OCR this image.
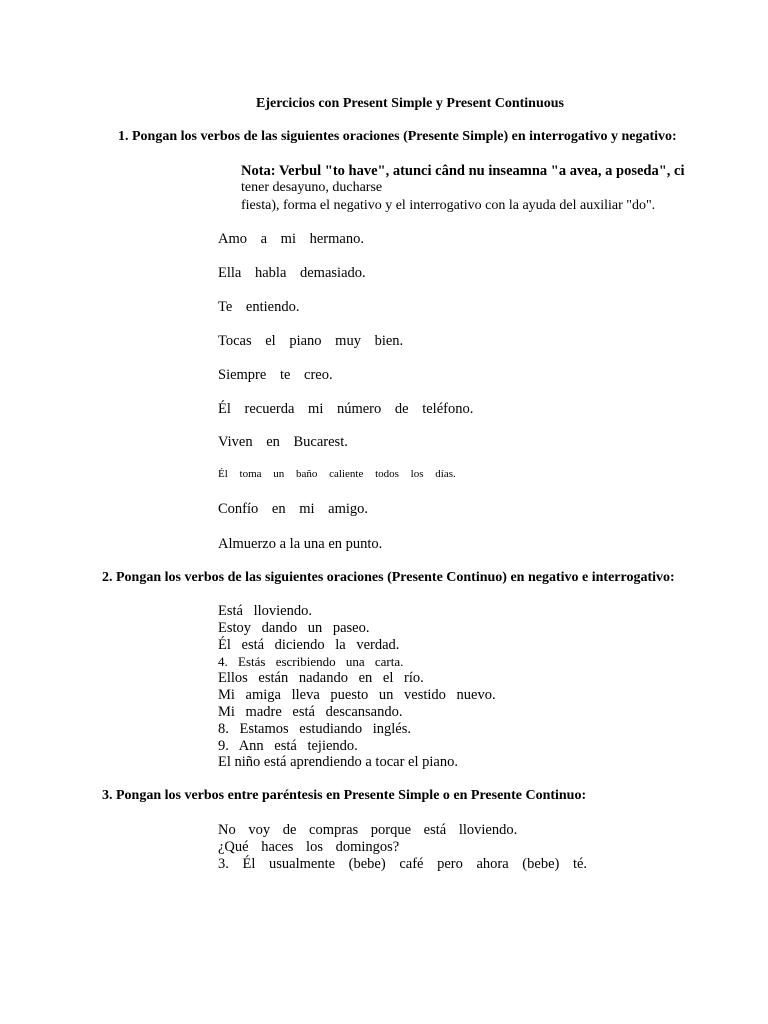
Ejercicios con Present Simple y Present Continuous
1. Pongan los verbos de las siguientes oraciones (Presente Simple) en interrogativo y negativo:
Nota: Verbul "to have", atunci când nu inseamna "a avea, a poseda", ci
tener desayuno, ducharse
fiesta), forma el negativo y el interrogativo con la ayuda del auxiliar "do".
Amo a mi hermano.
Ella habla demasiado.
Te entiendo.
Tocas el piano muy bien.
Siempre te creo.
Él recuerda mi número de teléfono.
Viven en Bucarest.
Él toma un baño caliente todos los días.
Confío en mi amigo.
Almuerzo a la una en punto.
2. Pongan los verbos de las siguientes oraciones (Presente Continuo) en negativo e interrogativo:
Está lloviendo.
Estoy dando un paseo.
Él está diciendo la verdad.
4. Estás escribiendo una carta.
Ellos están nadando en el río.
Mi amiga lleva puesto un vestido nuevo.
Mi madre está descansando.
8. Estamos estudiando inglés.
9. Ann está tejiendo.
El niño está aprendiendo a tocar el piano.
3. Pongan los verbos entre paréntesis en Presente Simple o en Presente Continuo:
No voy de compras porque está lloviendo.
¿Qué haces los domingos?
3. Él usualmente (bebe) café pero ahora (bebe) té.
